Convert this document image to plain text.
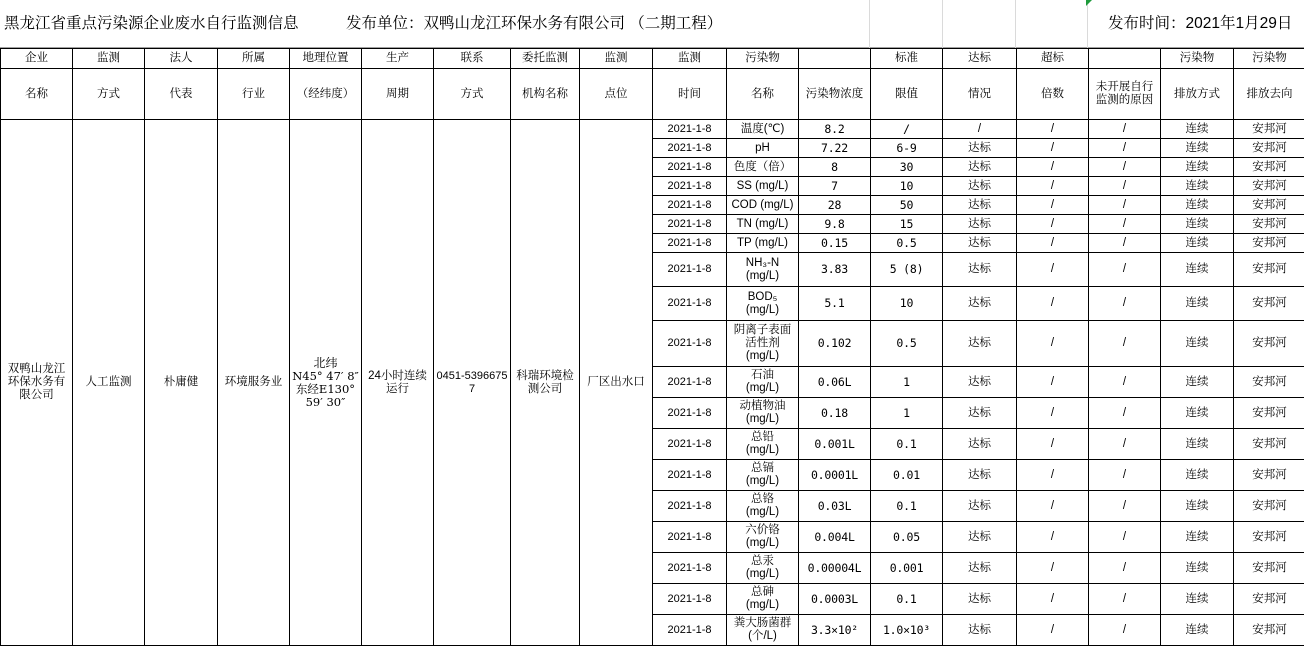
黑龙江省重点污染源企业废水自行监测信息	发布单位：双鸭山龙江环保水务有限公司 （二期工程）	发布时间：2021年1月29日
企业	监测	法人	所属	地理位置	生产	联系	委托监测	监测	监测	污染物		标准	达标	超标		污染物	污染物
名称	方式	代表	行业	（经纬度）	周期	方式	机构名称	点位	时间	名称	污染物浓度	限值	情况	倍数	未开展自行监测的原因	排放方式	排放去向
双鸭山龙江环保水务有限公司	人工监测	朴庸健	环境服务业	北纬
N45° 47′ 8″ 东经E130° 59′ 30″	24小时连续运行	0451-53966757	科瑞环境检测公司	厂区出水口	2021-1-8	温度(℃)	8.2	/	/	/	/	连续	安邦河
									2021-1-8	pH	7.22	6-9	达标	/	/	连续	安邦河
									2021-1-8	色度（倍）	8	30	达标	/	/	连续	安邦河
									2021-1-8	SS (mg/L)	7	10	达标	/	/	连续	安邦河
									2021-1-8	COD (mg/L)	28	50	达标	/	/	连续	安邦河
									2021-1-8	TN (mg/L)	9.8	15	达标	/	/	连续	安邦河
									2021-1-8	TP (mg/L)	0.15	0.5	达标	/	/	连续	安邦河
									2021-1-8	NH₃-N
(mg/L)	3.83	5 (8)	达标	/	/	连续	安邦河
									2021-1-8	BOD₅
(mg/L)	5.1	10	达标	/	/	连续	安邦河
									2021-1-8	阴离子表面活性剂
(mg/L)	0.102	0.5	达标	/	/	连续	安邦河
									2021-1-8	石油
(mg/L)	0.06L	1	达标	/	/	连续	安邦河
									2021-1-8	动植物油
(mg/L)	0.18	1	达标	/	/	连续	安邦河
									2021-1-8	总铅
(mg/L)	0.001L	0.1	达标	/	/	连续	安邦河
									2021-1-8	总镉
(mg/L)	0.0001L	0.01	达标	/	/	连续	安邦河
									2021-1-8	总铬
(mg/L)	0.03L	0.1	达标	/	/	连续	安邦河
									2021-1-8	六价铬
(mg/L)	0.004L	0.05	达标	/	/	连续	安邦河
									2021-1-8	总汞
(mg/L)	0.00004L	0.001	达标	/	/	连续	安邦河
									2021-1-8	总砷
(mg/L)	0.0003L	0.1	达标	/	/	连续	安邦河
									2021-1-8	粪大肠菌群
(个/L)	3.3×10²	1.0×10³	达标	/	/	连续	安邦河
